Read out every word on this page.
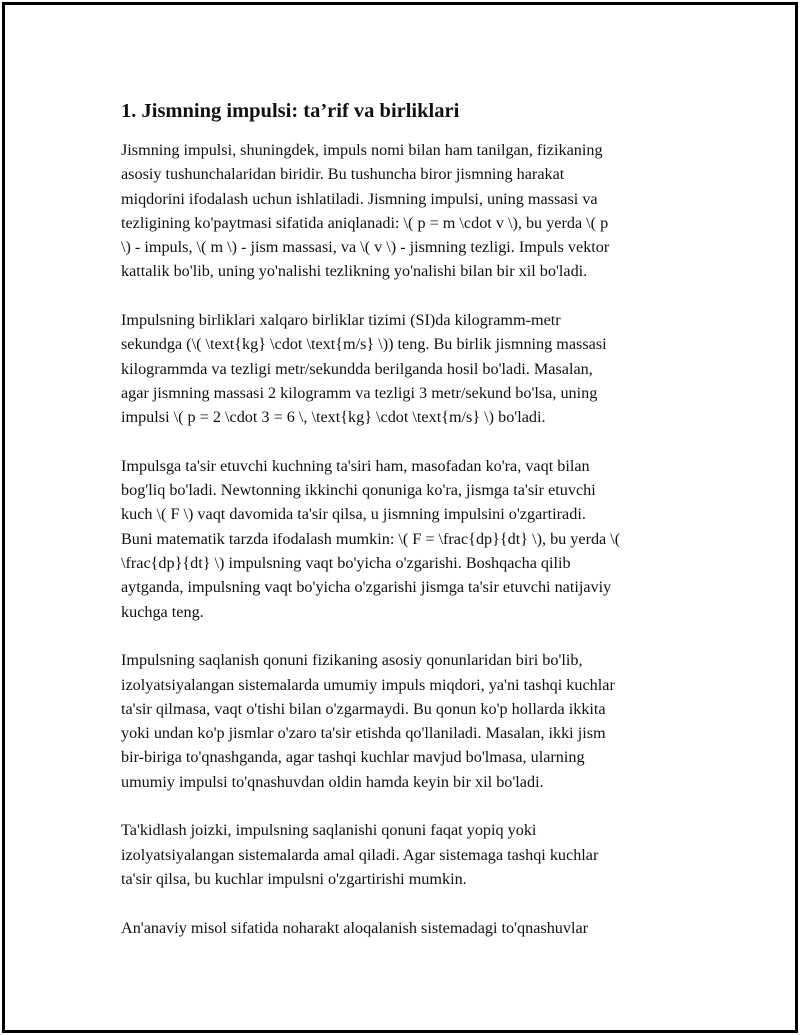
1. Jismning impulsi: ta’rif va birliklari

Jismning impulsi, shuningdek, impuls nomi bilan ham tanilgan, fizikaning
asosiy tushunchalaridan biridir. Bu tushuncha biror jismning harakat
miqdorini ifodalash uchun ishlatiladi. Jismning impulsi, uning massasi va
tezligining ko'paytmasi sifatida aniqlanadi: \( p = m \cdot v \), bu yerda \( p
\) - impuls, \( m \) - jism massasi, va \( v \) - jismning tezligi. Impuls vektor
kattalik bo'lib, uning yo'nalishi tezlikning yo'nalishi bilan bir xil bo'ladi.

Impulsning birliklari xalqaro birliklar tizimi (SI)da kilogramm-metr
sekundga (\( \text{kg} \cdot \text{m/s} \)) teng. Bu birlik jismning massasi
kilogrammda va tezligi metr/sekundda berilganda hosil bo'ladi. Masalan,
agar jismning massasi 2 kilogramm va tezligi 3 metr/sekund bo'lsa, uning
impulsi \( p = 2 \cdot 3 = 6 \, \text{kg} \cdot \text{m/s} \) bo'ladi.

Impulsga ta'sir etuvchi kuchning ta'siri ham, masofadan ko'ra, vaqt bilan
bog'liq bo'ladi. Newtonning ikkinchi qonuniga ko'ra, jismga ta'sir etuvchi
kuch \( F \) vaqt davomida ta'sir qilsa, u jismning impulsini o'zgartiradi.
Buni matematik tarzda ifodalash mumkin: \( F = \frac{dp}{dt} \), bu yerda \(
\frac{dp}{dt} \) impulsning vaqt bo'yicha o'zgarishi. Boshqacha qilib
aytganda, impulsning vaqt bo'yicha o'zgarishi jismga ta'sir etuvchi natijaviy
kuchga teng.

Impulsning saqlanish qonuni fizikaning asosiy qonunlaridan biri bo'lib,
izolyatsiyalangan sistemalarda umumiy impuls miqdori, ya'ni tashqi kuchlar
ta'sir qilmasa, vaqt o'tishi bilan o'zgarmaydi. Bu qonun ko'p hollarda ikkita
yoki undan ko'p jismlar o'zaro ta'sir etishda qo'llaniladi. Masalan, ikki jism
bir-biriga to'qnashganda, agar tashqi kuchlar mavjud bo'lmasa, ularning
umumiy impulsi to'qnashuvdan oldin hamda keyin bir xil bo'ladi.

Ta'kidlash joizki, impulsning saqlanishi qonuni faqat yopiq yoki
izolyatsiyalangan sistemalarda amal qiladi. Agar sistemaga tashqi kuchlar
ta'sir qilsa, bu kuchlar impulsni o'zgartirishi mumkin.

An'anaviy misol sifatida noharakt aloqalanish sistemadagi to'qnashuvlar
